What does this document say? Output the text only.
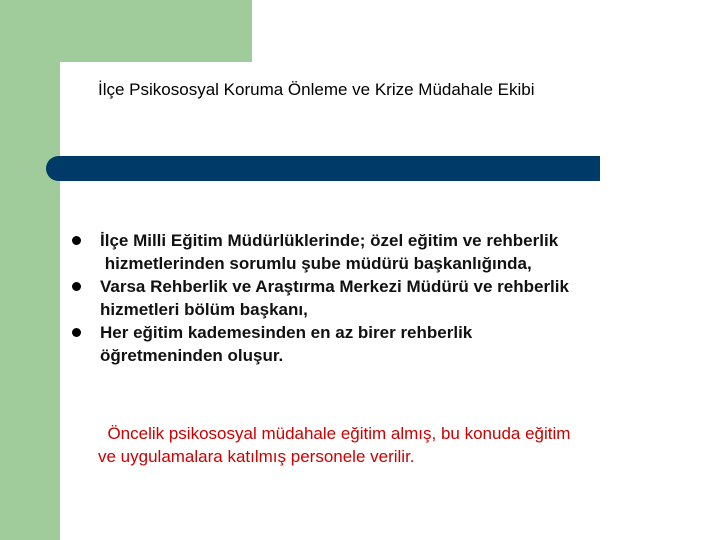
İlçe Psikososyal Koruma Önleme ve Krize Müdahale Ekibi
İlçe Milli Eğitim Müdürlüklerinde; özel eğitim ve rehberlik
hizmetlerinden sorumlu şube müdürü başkanlığında,
Varsa Rehberlik ve Araştırma Merkezi Müdürü ve rehberlik
hizmetleri bölüm başkanı,
Her eğitim kademesinden en az birer rehberlik
öğretmeninden oluşur.
Öncelik psikososyal müdahale eğitim almış, bu konuda eğitim
ve uygulamalara katılmış personele verilir.
